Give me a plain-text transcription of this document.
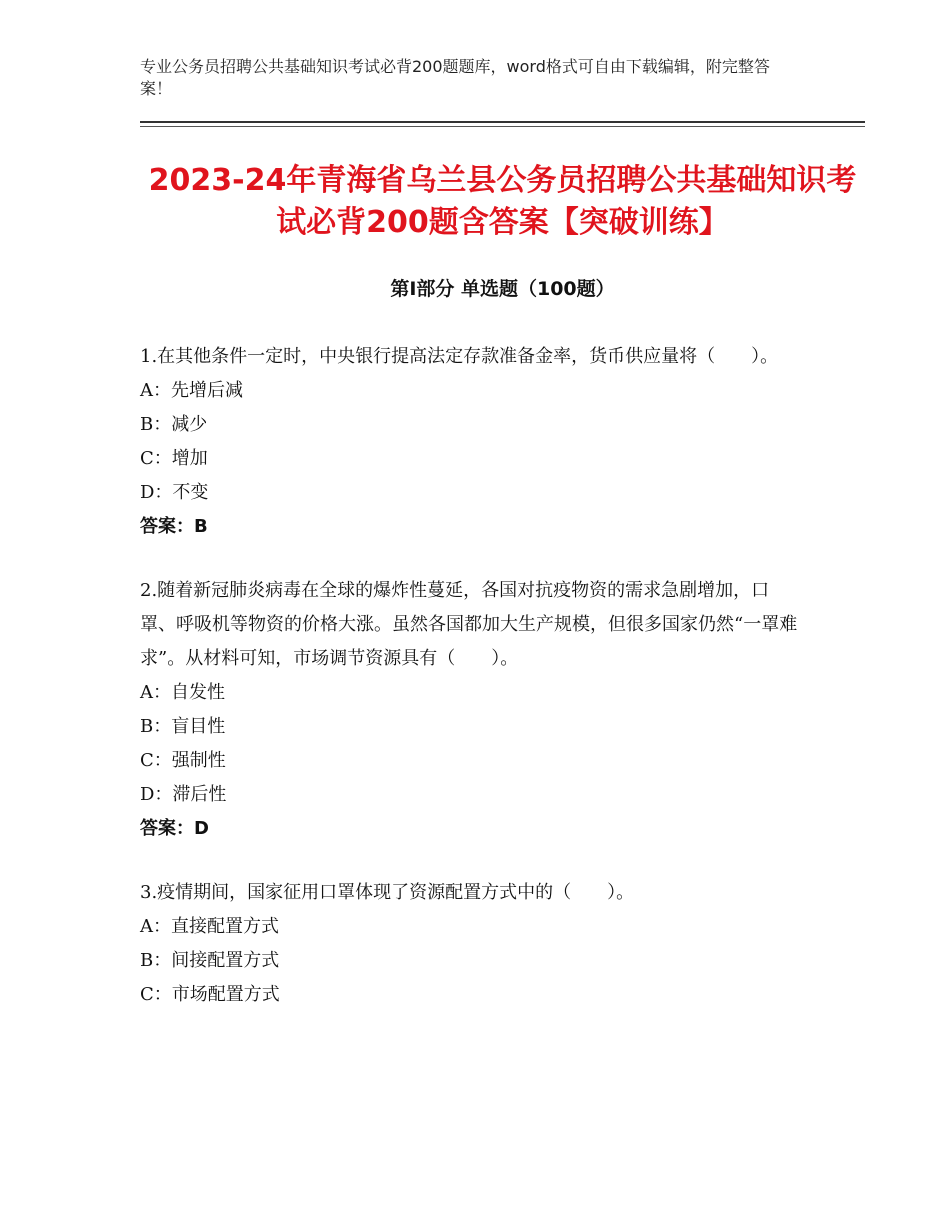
专业公务员招聘公共基础知识考试必背200题题库，word格式可自由下载编辑，附完整答案！
2023-24年青海省乌兰县公务员招聘公共基础知识考试必背200题含答案【突破训练】
第Ⅰ部分 单选题（100题）

1.在其他条件一定时，中央银行提高法定存款准备金率，货币供应量将（　　）。

A：先增后减

B：减少

C：增加

D：不变

答案：B

2.随着新冠肺炎病毒在全球的爆炸性蔓延，各国对抗疫物资的需求急剧增加，口罩、呼吸机等物资的价格大涨。虽然各国都加大生产规模，但很多国家仍然“一罩难求”。从材料可知，市场调节资源具有（　　）。

A：自发性

B：盲目性

C：强制性

D：滞后性

答案：D

3.疫情期间，国家征用口罩体现了资源配置方式中的（　　）。

A：直接配置方式

B：间接配置方式

C：市场配置方式
